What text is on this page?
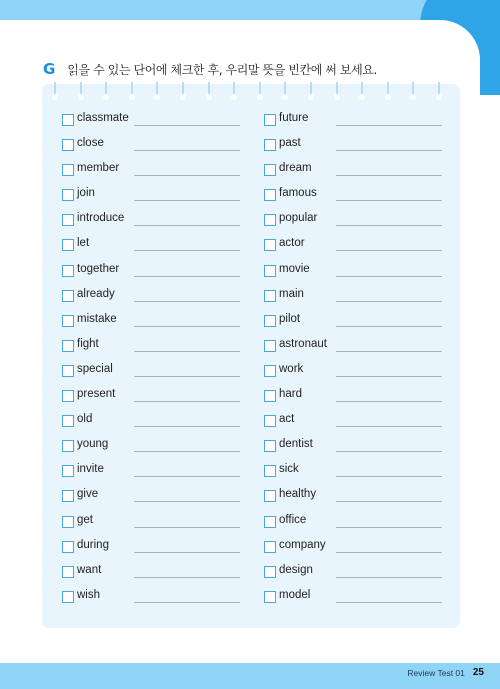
G 읽을 수 있는 단어에 체크한 후, 우리말 뜻을 빈칸에 써 보세요.
classmate
close
member
join
introduce
let
together
already
mistake
fight
special
present
old
young
invite
give
get
during
want
wish
future
past
dream
famous
popular
actor
movie
main
pilot
astronaut
work
hard
act
dentist
sick
healthy
office
company
design
model
Review Test 01 25
